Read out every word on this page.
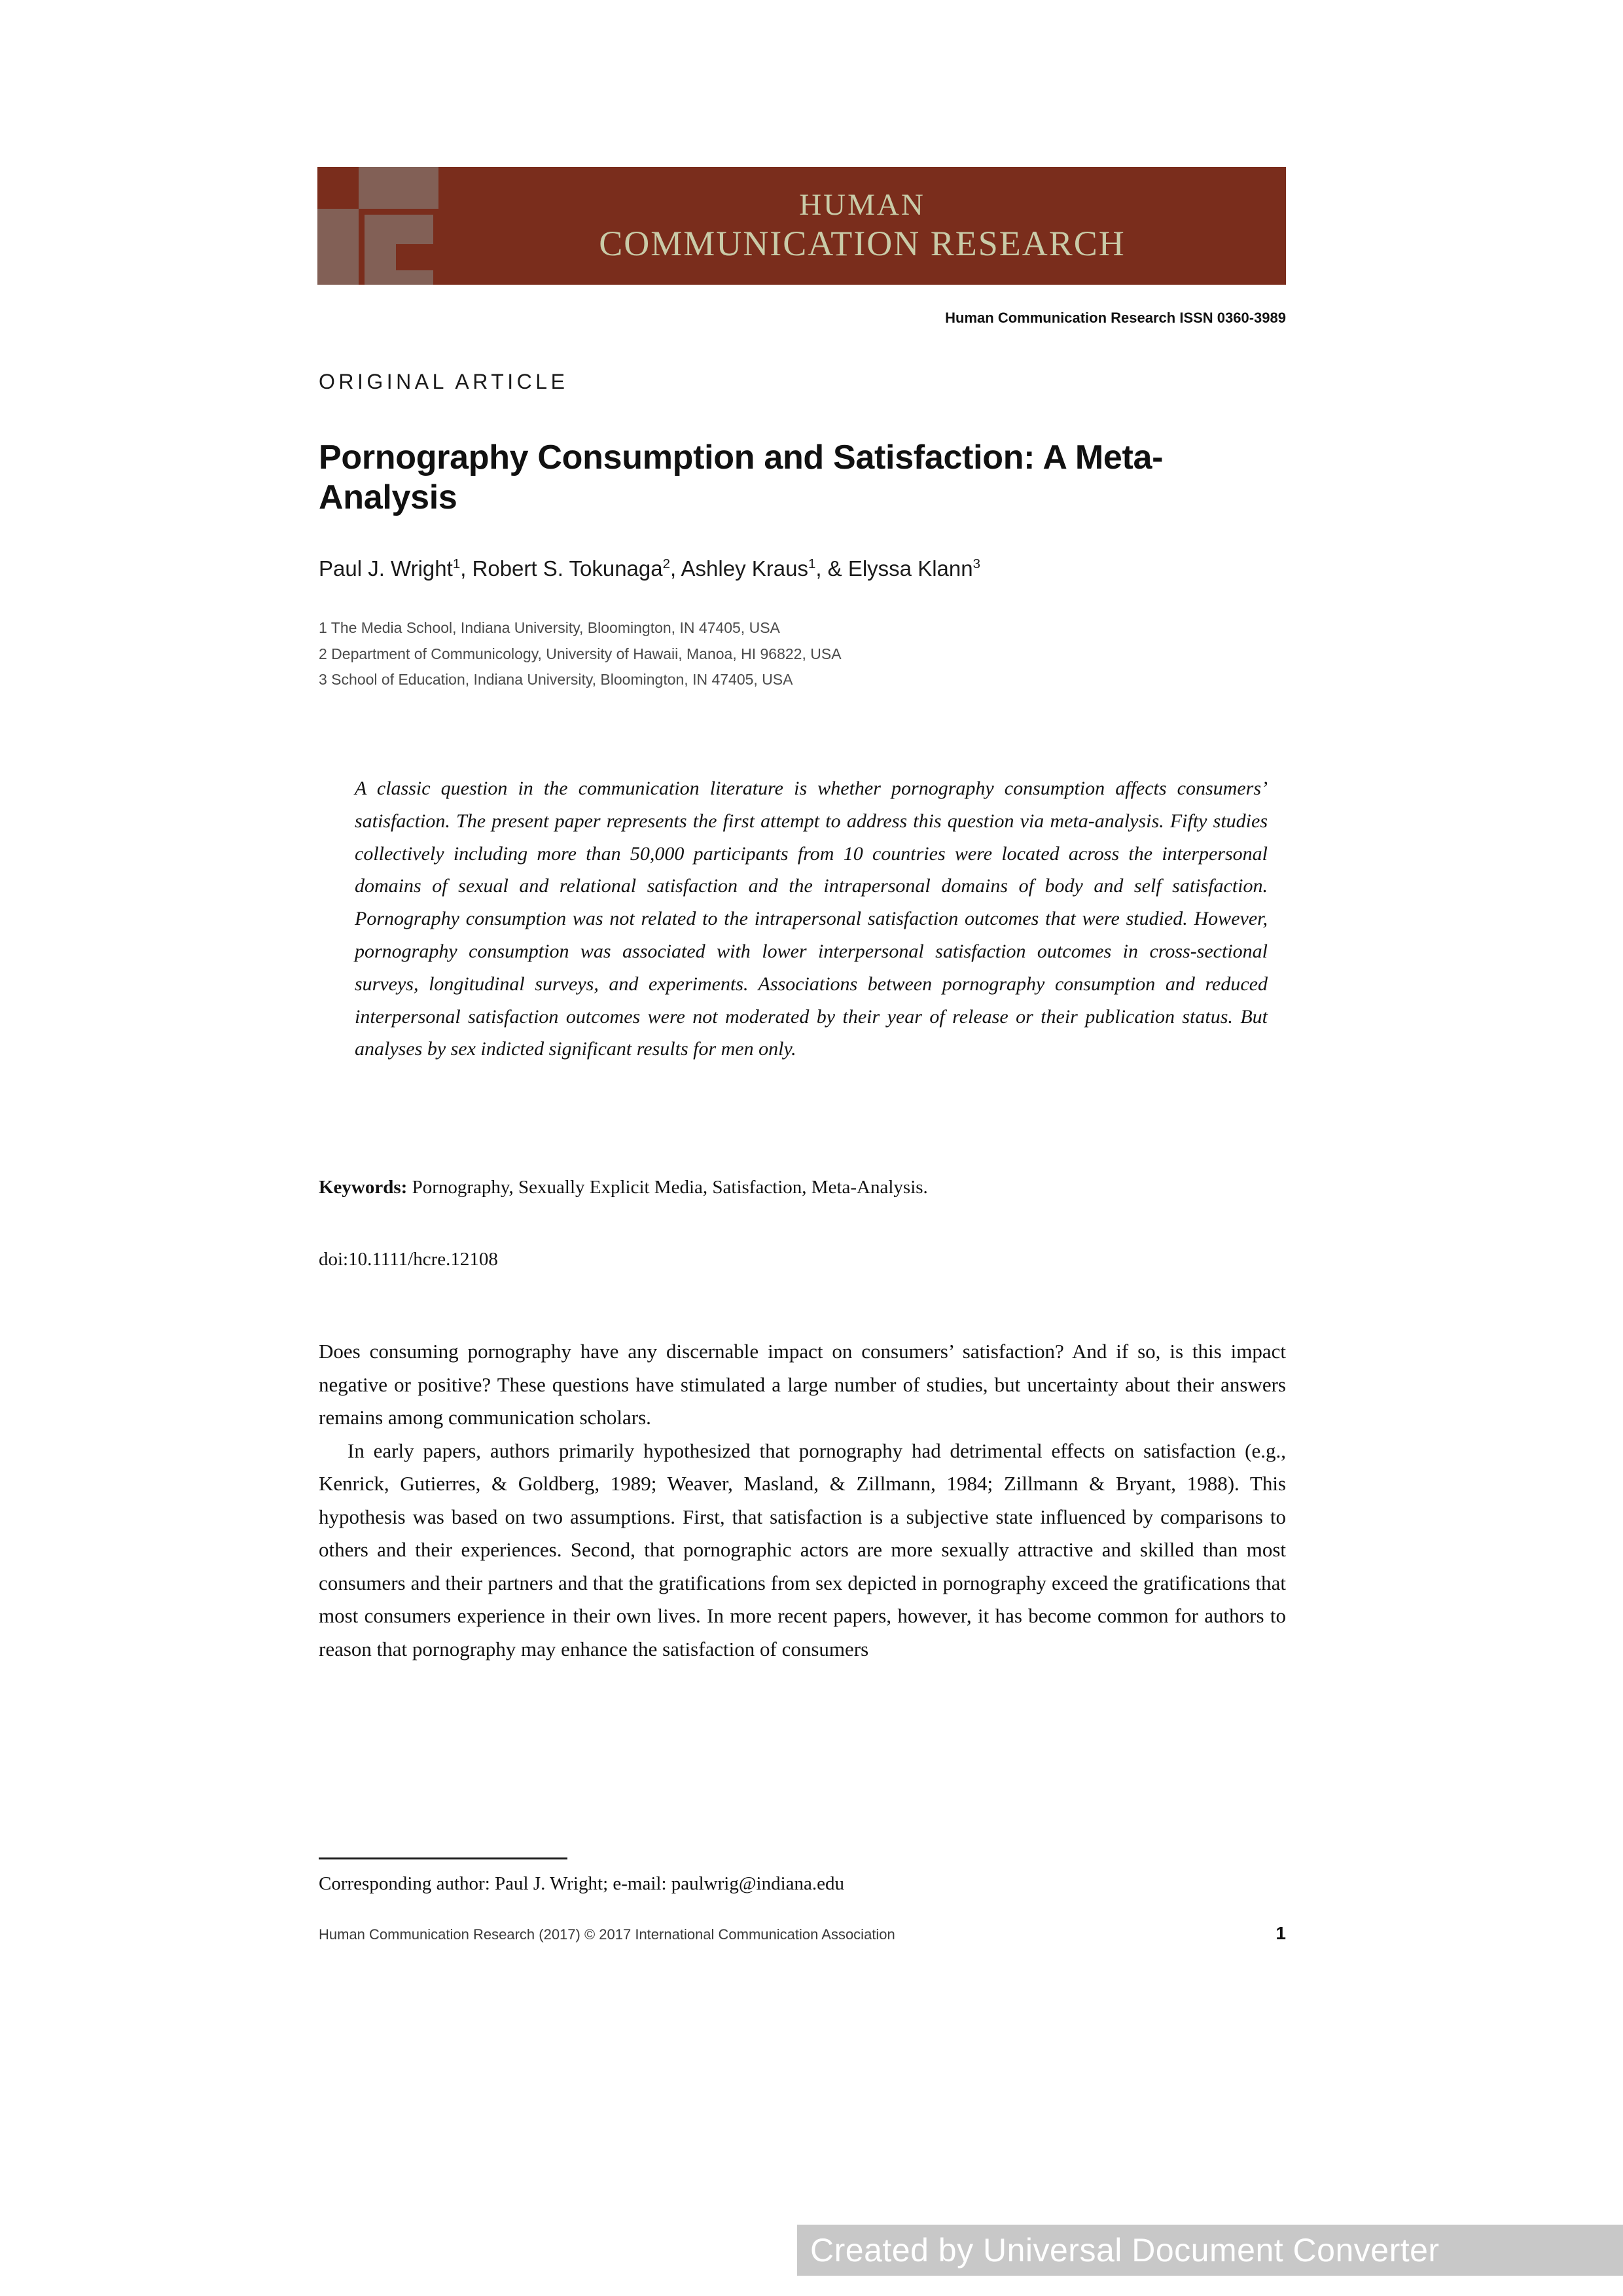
HUMAN
COMMUNICATION RESEARCH
Human Communication Research ISSN 0360-3989
ORIGINAL ARTICLE
Pornography Consumption and Satisfaction: A Meta-Analysis
Paul J. Wright$^1$, Robert S. Tokunaga$^2$, Ashley Kraus$^1$, & Elyssa Klann$^3$
1 The Media School, Indiana University, Bloomington, IN 47405, USA
2 Department of Communicology, University of Hawaii, Manoa, HI 96822, USA
3 School of Education, Indiana University, Bloomington, IN 47405, USA
A classic question in the communication literature is whether pornography consumption affects consumers’ satisfaction. The present paper represents the first attempt to address this question via meta-analysis. Fifty studies collectively including more than 50,000 participants from 10 countries were located across the interpersonal domains of sexual and relational satisfaction and the intrapersonal domains of body and self satisfaction. Pornography consumption was not related to the intrapersonal satisfaction outcomes that were studied. However, pornography consumption was associated with lower interpersonal satisfaction outcomes in cross-sectional surveys, longitudinal surveys, and experiments. Associations between pornography consumption and reduced interpersonal satisfaction outcomes were not moderated by their year of release or their publication status. But analyses by sex indicted significant results for men only.
Keywords: Pornography, Sexually Explicit Media, Satisfaction, Meta-Analysis.
doi:10.1111/hcre.12108

Does consuming pornography have any discernable impact on consumers’ satisfaction? And if so, is this impact negative or positive? These questions have stimulated a large number of studies, but uncertainty about their answers remains among communication scholars.

In early papers, authors primarily hypothesized that pornography had detrimental effects on satisfaction (e.g., Kenrick, Gutierres, & Goldberg, 1989; Weaver, Masland, & Zillmann, 1984; Zillmann & Bryant, 1988). This hypothesis was based on two assumptions. First, that satisfaction is a subjective state influenced by comparisons to others and their experiences. Second, that pornographic actors are more sexually attractive and skilled than most consumers and their partners and that the gratifications from sex depicted in pornography exceed the gratifications that most consumers experience in their own lives. In more recent papers, however, it has become common for authors to reason that pornography may enhance the satisfaction of consumers

Corresponding author: Paul J. Wright; e-mail: paulwrig@indiana.edu
Human Communication Research (2017) © 2017 International Communication Association	1
Created by Universal Document Converter
